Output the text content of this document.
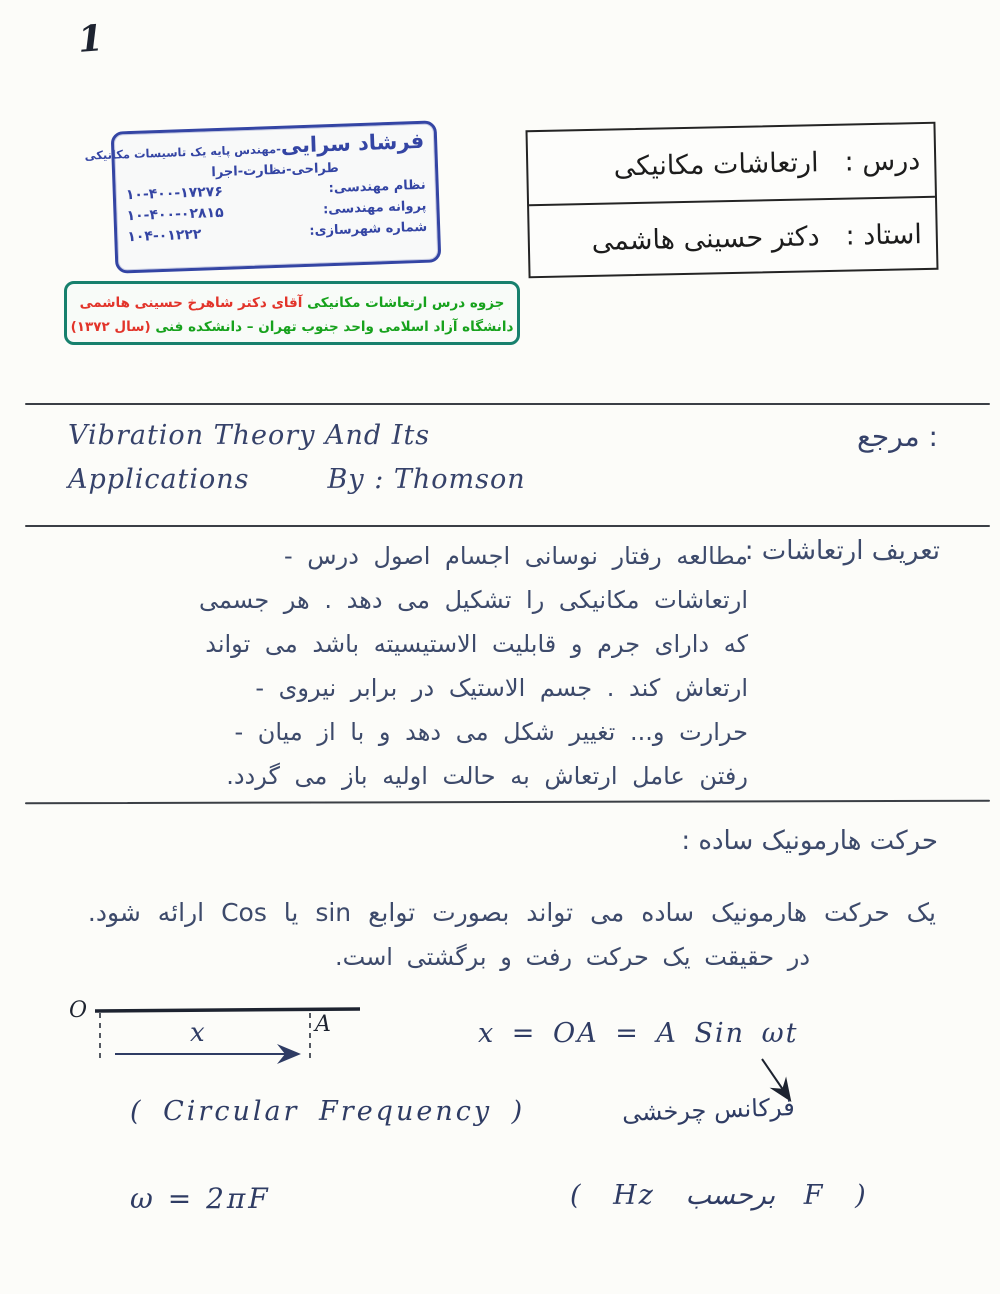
1
فرشاد سرایی-مهندس پایه یک تاسیسات مکانیکی
طراحی-نظارت-اجرا
نظام مهندسی:
۱۰-۴۰۰-۱۷۲۷۶
پروانه مهندسی:
۱۰-۴۰۰-۰۲۸۱۵
شماره شهرسازی:
۱۰۴-۰۱۲۲۲
درس :
ارتعاشات مکانیکی
استاد :
دکتر حسینی هاشمی
جزوه درس ارتعاشات مکانیکی آقای دکتر شاهرخ حسینی هاشمی
دانشگاه آزاد اسلامی واحد جنوب تهران – دانشکده فنی (سال ۱۳۷۲)
مرجع :
Vibration Theory And Its
Applications	By : Thomson
تعریف ارتعاشات :
مطالعه رفتار نوسانی اجسام اصول درس -
ارتعاشات مکانیکی را تشکیل می دهد . هر جسمی
که دارای جرم و قابلیت الاستیسیته باشد می تواند
ارتعاش کند . جسم الاستیک در برابر نیروی -
حرارت و... تغییر شکل می دهد و با از میان -
رفتن عامل ارتعاش به حالت اولیه باز می گردد.
حرکت هارمونیک ساده :
یک حرکت هارمونیک ساده می تواند بصورت توابع sin یا Cos ارائه شود.
در حقیقت یک حرکت رفت و برگشتی است.
O
x	A	x = OA = A Sin ωt
فرکانس چرخشی
( Circular Frequency )
ω = 2πF	( Hz برحسب F )
